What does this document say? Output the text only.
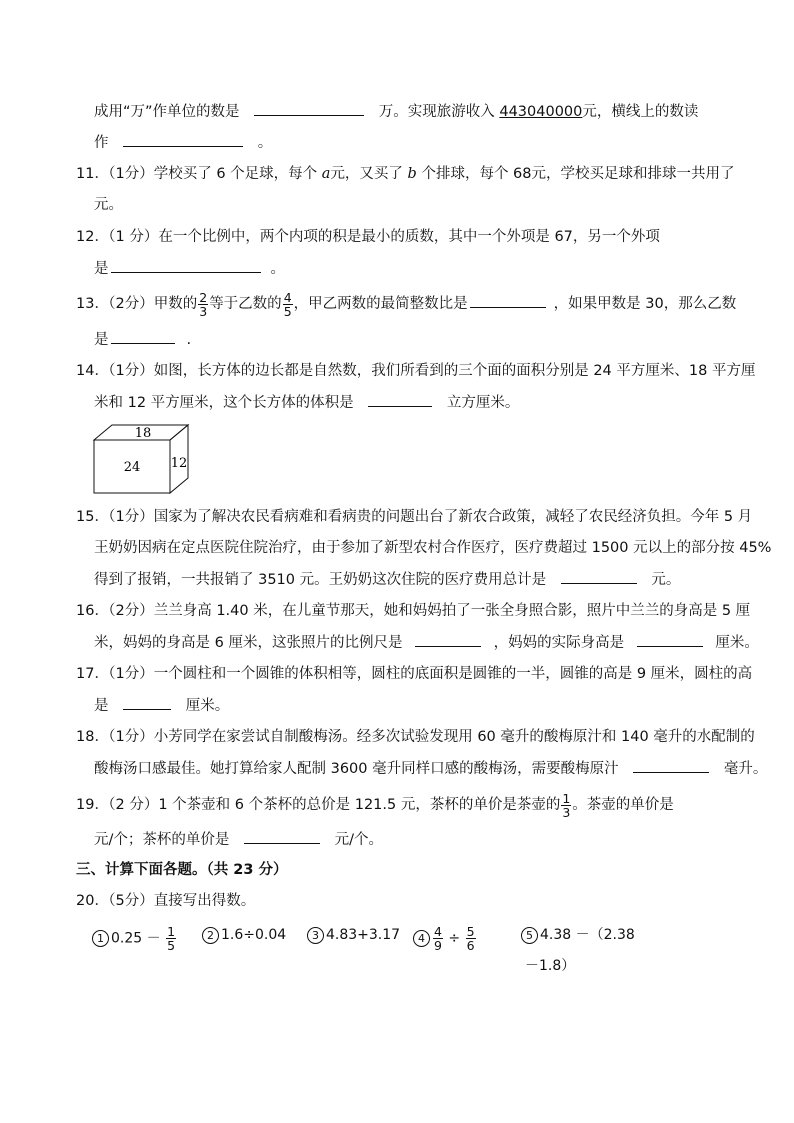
成用“万”作单位的数是	万。实现旅游收入 443040000元，横线上的数读
作	。
11．
（1分）学校买了 6 个足球，每个 a元，又买了 b 个排球，每个 68元，学校买足球和排球一共用了
元。
12．
（1 分）在一个比例中，两个内项的积是最小的质数，其中一个外项是 67，另一个外项
是	。
13．
（2分）甲数的 $\frac{2}{3}$ 等于乙数的 $\frac{4}{5}$ ，甲乙两数的最简整数比是	，如果甲数是 30，那么乙数
是	.
14．
（1分）如图，长方体的边长都是自然数，我们所看到的三个面的面积分别是 24 平方厘米、18 平方厘
米和 12 平方厘米，这个长方体的体积是	立方厘米。
18
24 12
15．
（1分）国家为了解决农民看病难和看病贵的问题出台了新农合政策，减轻了农民经济负担。今年 5 月
王奶奶因病在定点医院住院治疗，由于参加了新型农村合作医疗，医疗费超过 1500 元以上的部分按 45%
得到了报销，一共报销了 3510 元。王奶奶这次住院的医疗费用总计是	元。
16．
（2分）兰兰身高 1.40 米，在儿童节那天，她和妈妈拍了一张全身照合影，照片中兰兰的身高是 5 厘
米，妈妈的身高是 6 厘米，这张照片的比例尺是	，妈妈的实际身高是	厘米。
17．
（1分）一个圆柱和一个圆锥的体积相等，圆柱的底面积是圆锥的一半，圆锥的高是 9 厘米，圆柱的高
是	厘米。
18．
（1分）小芳同学在家尝试自制酸梅汤。经多次试验发现用 60 毫升的酸梅原汁和 140 毫升的水配制的
酸梅汤口感最佳。她打算给家人配制 3600 毫升同样口感的酸梅汤，需要酸梅原汁	毫升。
19．
（2 分）1 个茶壶和 6 个茶杯的总价是 121.5 元，茶杯的单价是茶壶的 $\frac{1}{3}$ 。茶壶的单价是
元/个；茶杯的单价是	元/个。
三、计算下面各题。（共 23 分）
20．
（5分）直接写出得数。
1 $0.25 - \frac{1}{5}$	2 1.6÷0.04	3 4.83+3.17	$4 \frac{4}{9} \div \frac{5}{6}$	5 4.38 －（2.38
－1.8）
